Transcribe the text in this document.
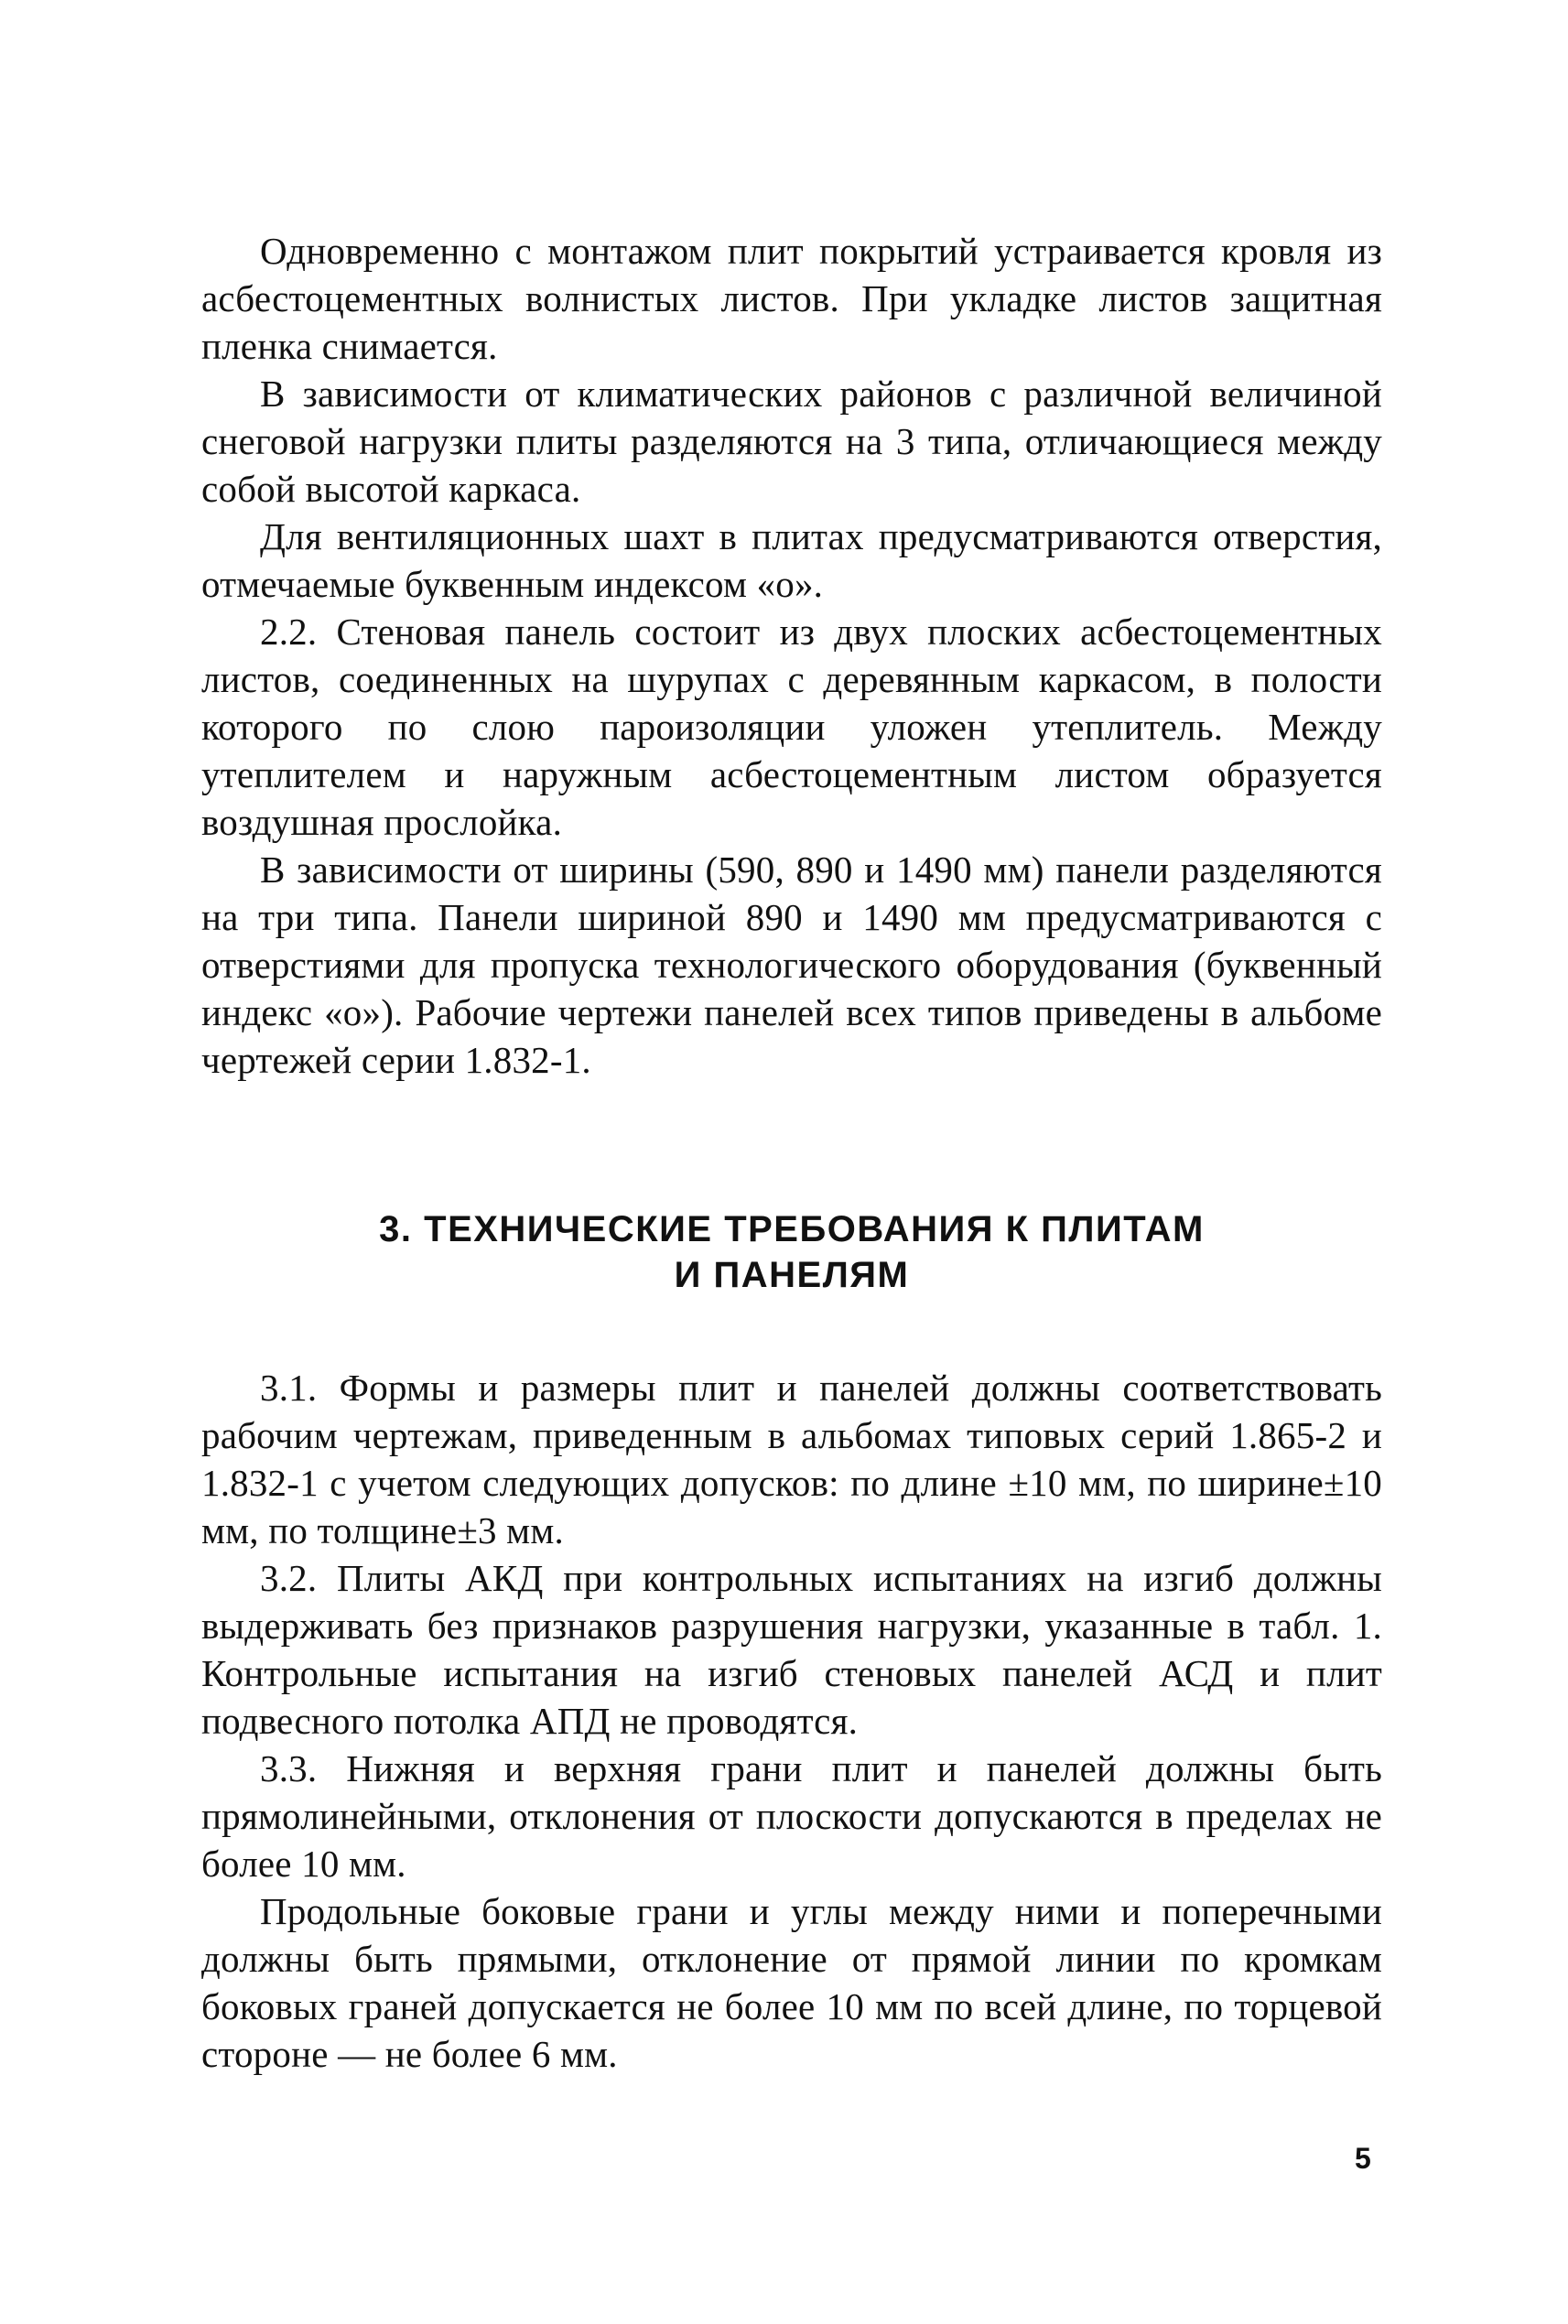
Одновременно с монтажом плит покрытий устраивается кровля из асбестоцементных волнистых листов. При укладке листов защитная пленка снимается.

В зависимости от климатических районов с различной величиной снеговой нагрузки плиты разделяются на 3 типа, отличающиеся между собой высотой каркаса.

Для вентиляционных шахт в плитах предусматриваются отверстия, отмечаемые буквенным индексом «о».

2.2. Стеновая панель состоит из двух плоских асбестоцементных листов, соединенных на шурупах с деревянным каркасом, в полости которого по слою пароизоляции уложен утеплитель. Между утеплителем и наружным асбестоцементным листом образуется воздушная прослойка.

В зависимости от ширины (590, 890 и 1490 мм) панели разделяются на три типа. Панели шириной 890 и 1490 мм предусматриваются с отверстиями для пропуска технологического оборудования (буквенный индекс «о»). Рабочие чертежи панелей всех типов приведены в альбоме чертежей серии 1.832-1.

3. ТЕХНИЧЕСКИЕ ТРЕБОВАНИЯ К ПЛИТАМ
И ПАНЕЛЯМ

3.1. Формы и размеры плит и панелей должны соответствовать рабочим чертежам, приведенным в альбомах типовых серий 1.865-2 и 1.832-1 с учетом следующих допусков: по длине ±10 мм, по ширине±10 мм, по толщине±3 мм.

3.2. Плиты АКД при контрольных испытаниях на изгиб должны выдерживать без признаков разрушения нагрузки, указанные в табл. 1. Контрольные испытания на изгиб стеновых панелей АСД и плит подвесного потолка АПД не проводятся.

3.3. Нижняя и верхняя грани плит и панелей должны быть прямолинейными, отклонения от плоскости допускаются в пределах не более 10 мм.

Продольные боковые грани и углы между ними и поперечными должны быть прямыми, отклонение от прямой линии по кромкам боковых граней допускается не более 10 мм по всей длине, по торцевой стороне — не более 6 мм.

5
